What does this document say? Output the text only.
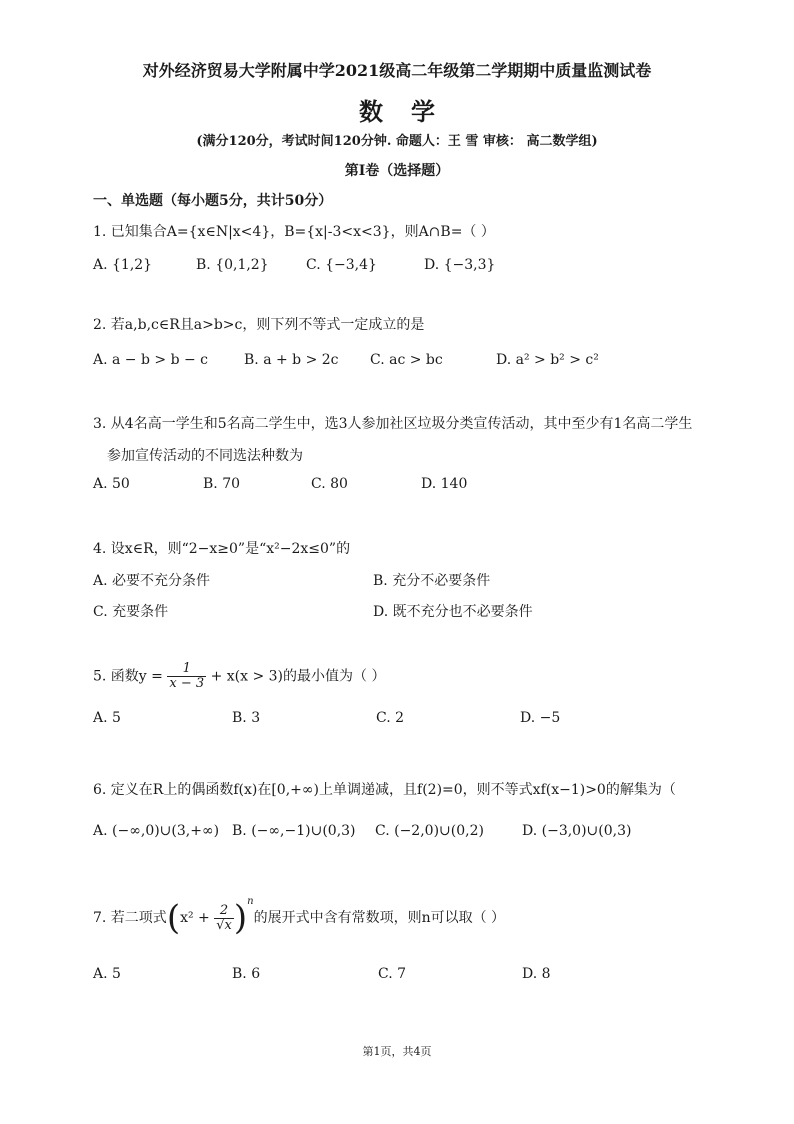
对外经济贸易大学附属中学2021级高二年级第二学期期中质量监测试卷
数学
(满分120分，考试时间120分钟. 命题人：王 雪 审核： 高二数学组)
第I卷（选择题）
一、单选题（每小题5分，共计50分）
1. 已知集合A={x∈N|x<4}，B={x|-3<x<3}，则A∩B=（ ）
A. {1,2}	B. {0,1,2}	C. {−3,4}	D. {−3,3}
2. 若a,b,c∈R且a>b>c，则下列不等式一定成立的是
A. a − b > b − c	B. a + b > 2c C. ac > bc	D. a² > b² > c²
3. 从4名高一学生和5名高二学生中，选3人参加社区垃圾分类宣传活动，其中至少有1名高二学生
参加宣传活动的不同选法种数为
A. 50	B. 70	C. 80	D. 140
4. 设x∈R，则“2−x≥0”是“x²−2x≤0”的
A. 必要不充分条件	B. 充分不必要条件
C. 充要条件	D. 既不充分也不必要条件
5. 函数$y = \frac{1}{x - 3} + x(x > 3)$的最小值为（ ）
A. 5	B. 3	C. 2	D. −5
6. 定义在R上的偶函数f(x)在[0,+∞)上单调递减，且f(2)=0，则不等式xf(x−1)>0的解集为（
A. (−∞,0)∪(3,+∞) B. (−∞,−1)∪(0,3) C. (−2,0)∪(0,2)	D. (−3,0)∪(0,3)
7. 若二项式$(x^2 + \frac{2}{√x} )^n$的展开式中含有常数项，则n可以取（ ）
A. 5	B. 6	C. 7	D. 8
第1页，共4页
